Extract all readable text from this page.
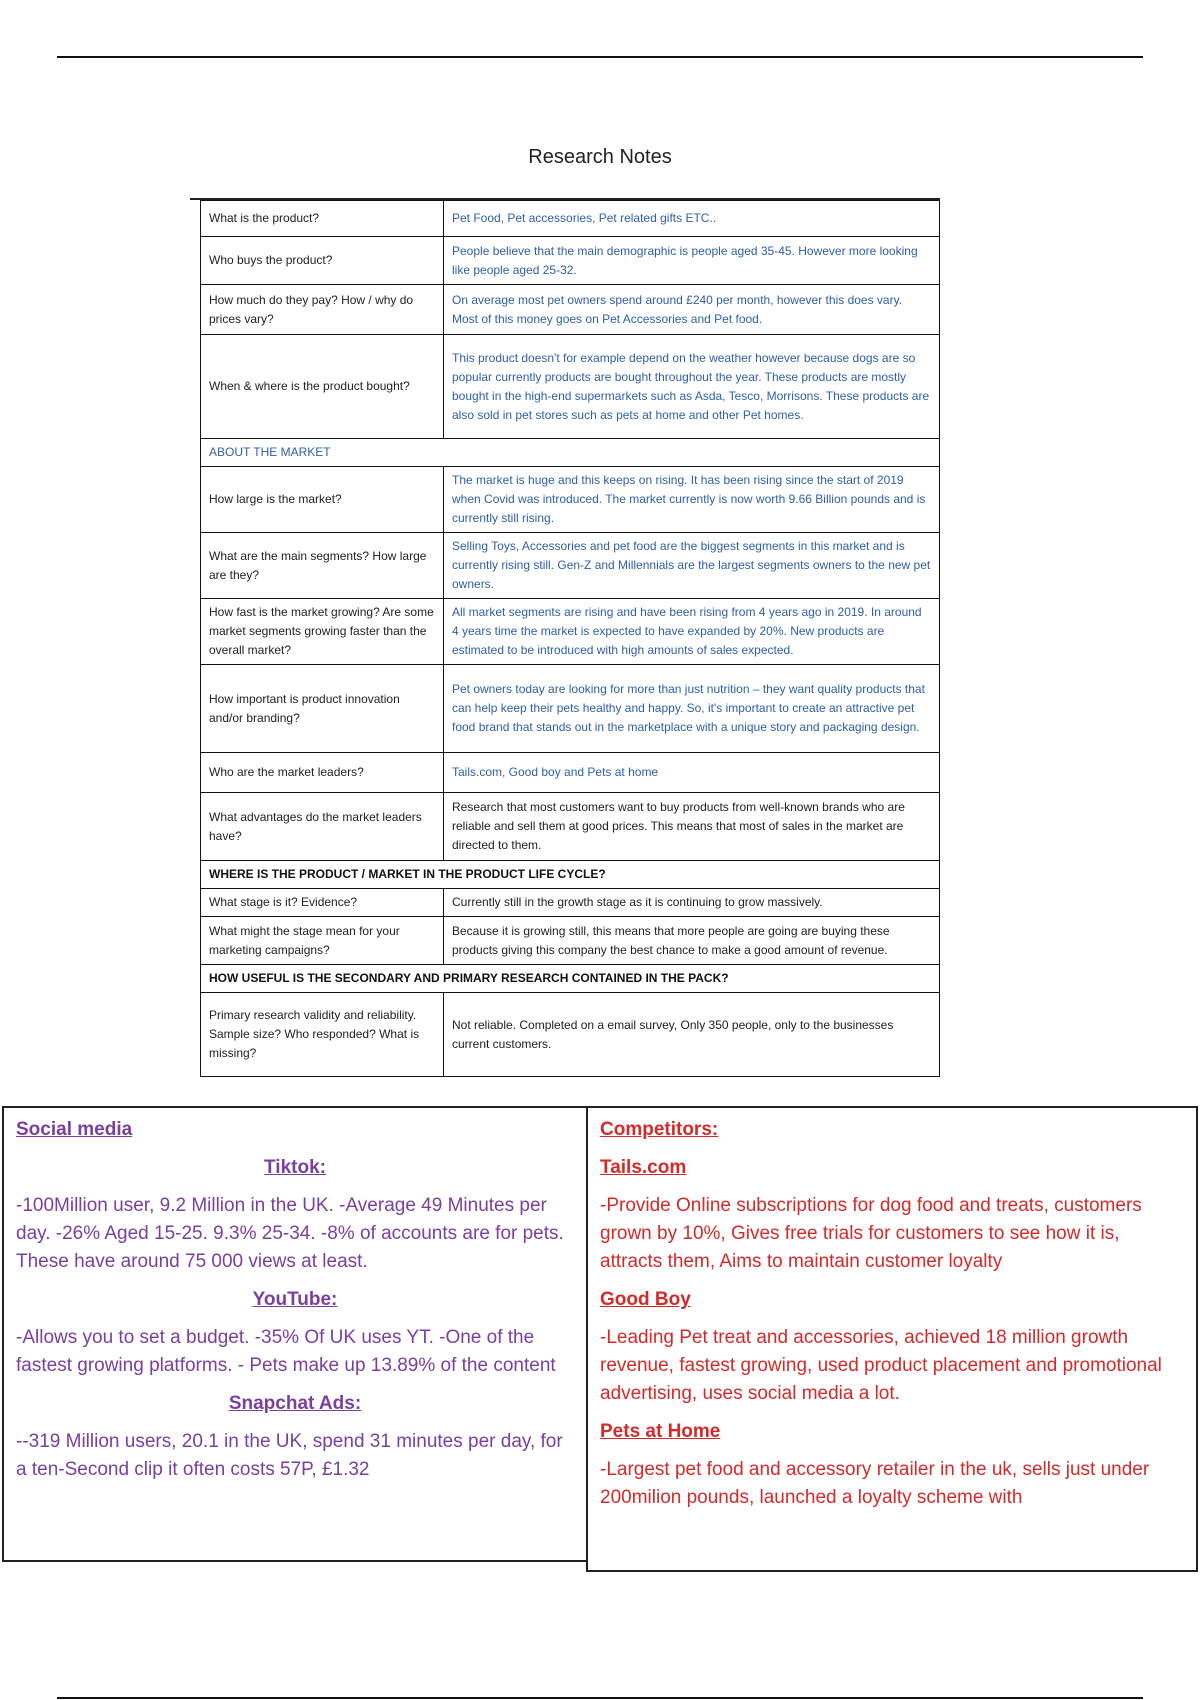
Research Notes
What is the product?	Pet Food, Pet accessories, Pet related gifts ETC..
Who buys the product?	People believe that the main demographic is people aged 35-45. However more looking like people aged 25-32.
How much do they pay? How / why do prices vary?	On average most pet owners spend around £240 per month, however this does vary. Most of this money goes on Pet Accessories and Pet food.
When & where is the product bought?	This product doesn't for example depend on the weather however because dogs are so popular currently products are bought throughout the year. These products are mostly bought in the high-end supermarkets such as Asda, Tesco, Morrisons. These products are also sold in pet stores such as pets at home and other Pet homes.
ABOUT THE MARKET	
How large is the market?	The market is huge and this keeps on rising. It has been rising since the start of 2019 when Covid was introduced. The market currently is now worth 9.66 Billion pounds and is currently still rising.
What are the main segments? How large are they?	Selling Toys, Accessories and pet food are the biggest segments in this market and is currently rising still. Gen-Z and Millennials are the largest segments owners to the new pet owners.
How fast is the market growing? Are some market segments growing faster than the overall market?	All market segments are rising and have been rising from 4 years ago in 2019. In around 4 years time the market is expected to have expanded by 20%. New products are estimated to be introduced with high amounts of sales expected.
How important is product innovation and/or branding?	Pet owners today are looking for more than just nutrition – they want quality products that can help keep their pets healthy and happy. So, it's important to create an attractive pet food brand that stands out in the marketplace with a unique story and packaging design.
Who are the market leaders?	Tails.com, Good boy and Pets at home
What advantages do the market leaders have?	Research that most customers want to buy products from well-known brands who are reliable and sell them at good prices. This means that most of sales in the market are directed to them.
WHERE IS THE PRODUCT / MARKET IN THE PRODUCT LIFE CYCLE?	
What stage is it? Evidence?	Currently still in the growth stage as it is continuing to grow massively.
What might the stage mean for your marketing campaigns?	Because it is growing still, this means that more people are going are buying these products giving this company the best chance to make a good amount of revenue.
HOW USEFUL IS THE SECONDARY AND PRIMARY RESEARCH CONTAINED IN THE PACK?	
Primary research validity and reliability. Sample size? Who responded? What is missing?	Not reliable. Completed on a email survey, Only 350 people, only to the businesses current customers.

Social media

Tiktok:

-100Million user, 9.2 Million in the UK. -Average 49 Minutes per day. -26% Aged 15-25. 9.3% 25-34. -8% of accounts are for pets. These have around 75 000 views at least.

YouTube:

-Allows you to set a budget. -35% Of UK uses YT. -One of the fastest growing platforms. - Pets make up 13.89% of the content

Snapchat Ads:

--319 Million users, 20.1 in the UK, spend 31 minutes per day, for a ten-Second clip it often costs 57P, £1.32

Competitors:

Tails.com

-Provide Online subscriptions for dog food and treats, customers grown by 10%, Gives free trials for customers to see how it is, attracts them, Aims to maintain customer loyalty

Good Boy

-Leading Pet treat and accessories, achieved 18 million growth revenue, fastest growing, used product placement and promotional advertising, uses social media a lot.

Pets at Home

-Largest pet food and accessory retailer in the uk, sells just under 200milion pounds, launched a loyalty scheme with
